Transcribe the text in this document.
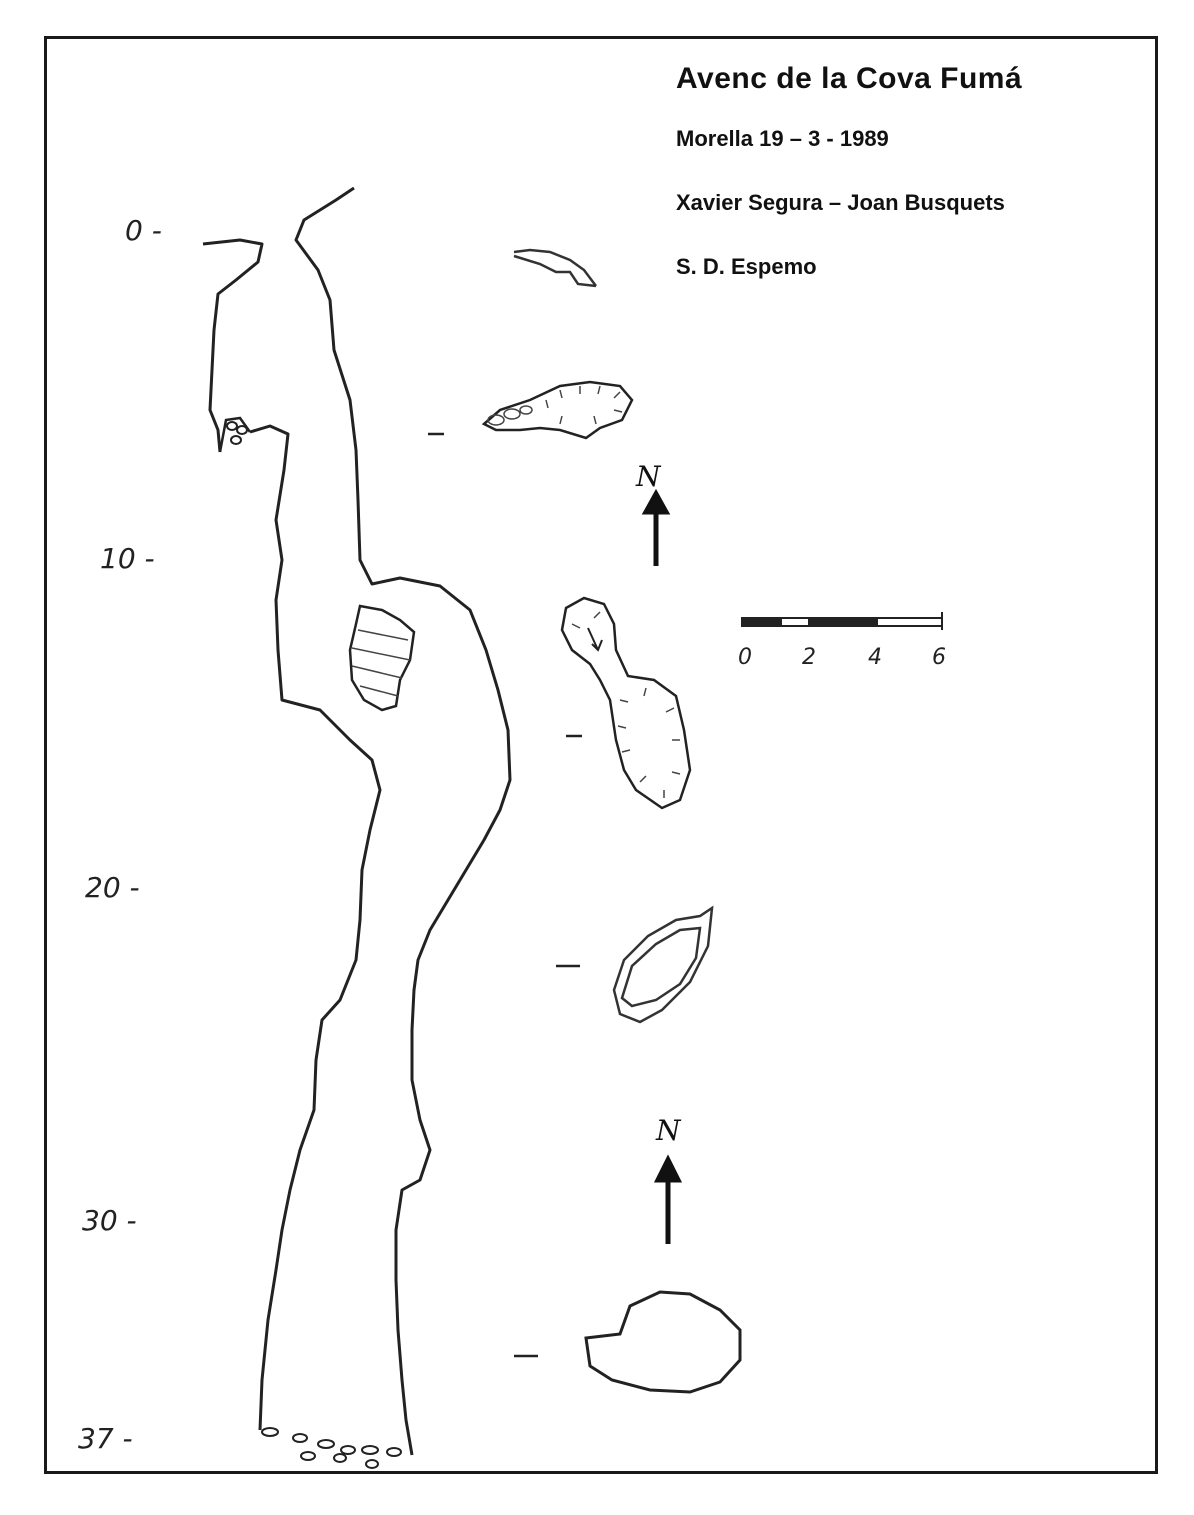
Avenc de la Cova Fumá
Morella 19 – 3 - 1989
Xavier Segura – Joan Busquets
S. D. Espemo
0 -
10 -
20 -
30 -
37 -
N
N
0 2 4 6
